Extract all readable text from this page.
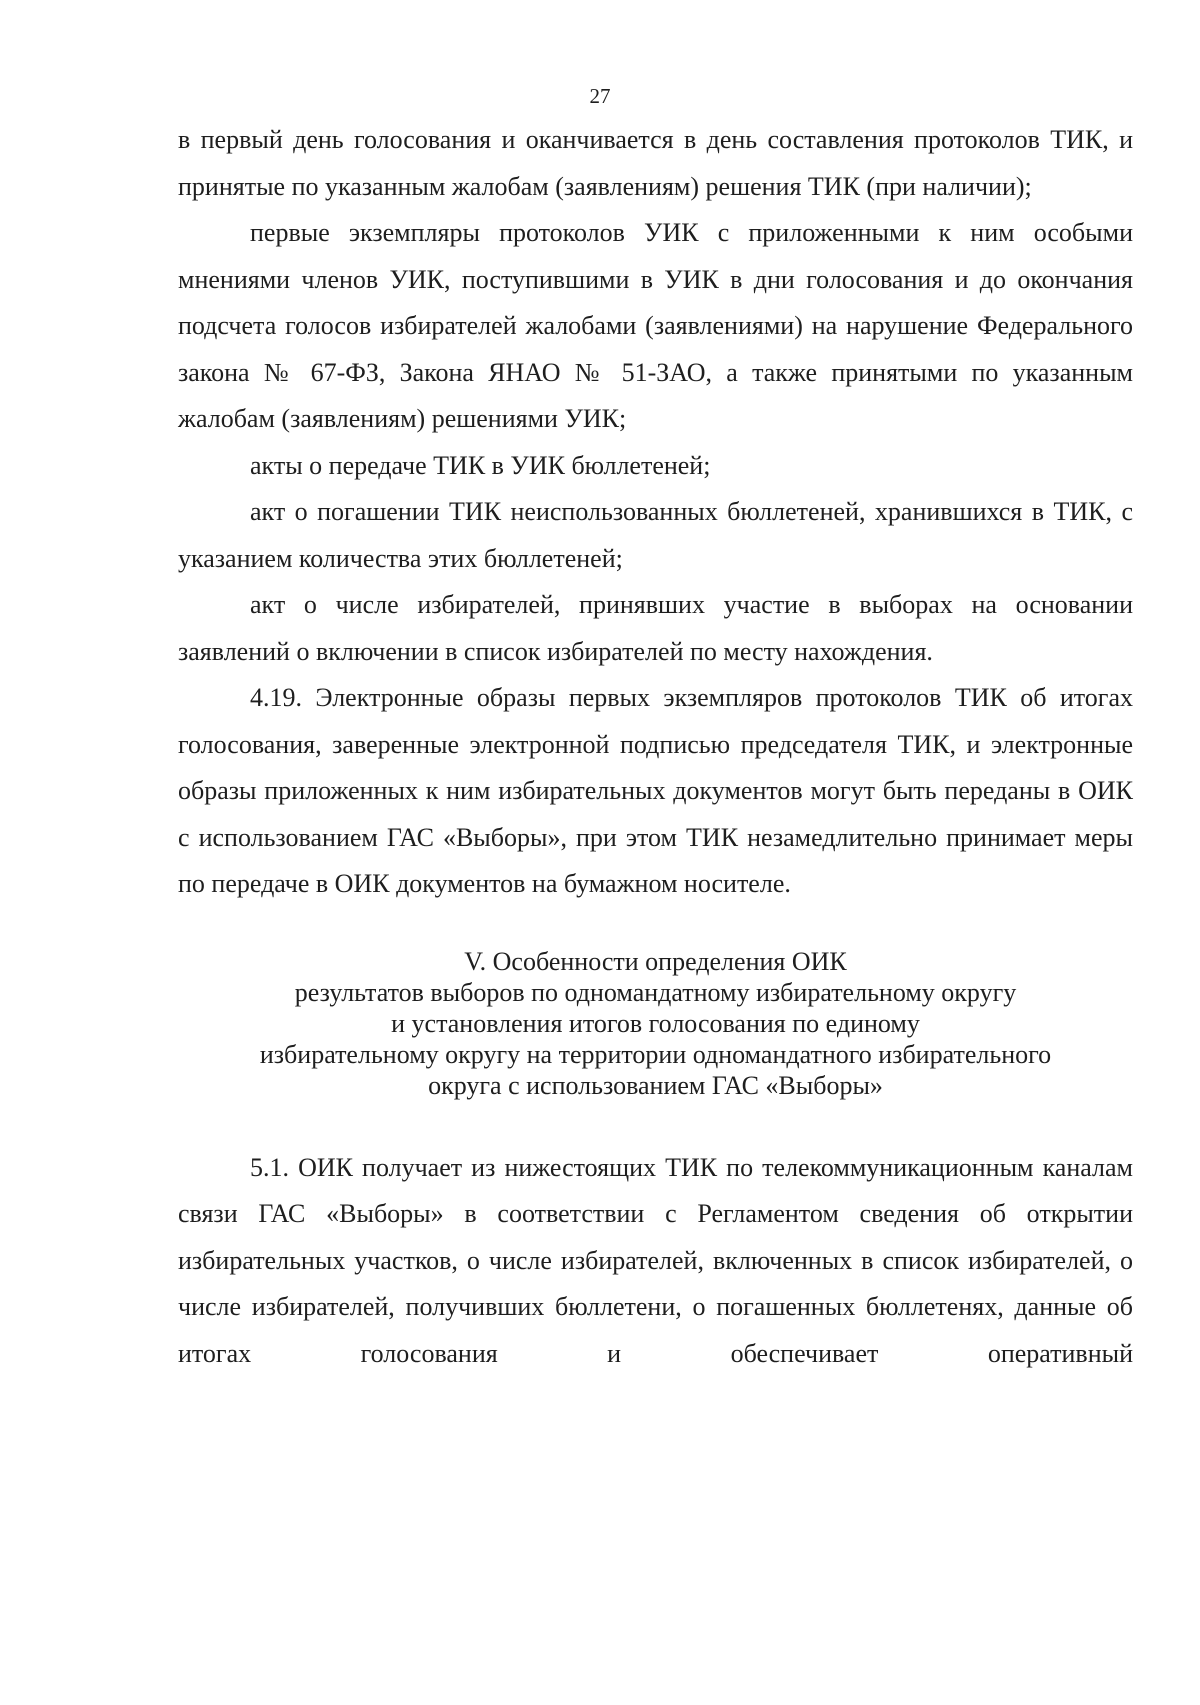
27

в первый день голосования и оканчивается в день составления протоколов ТИК, и принятые по указанным жалобам (заявлениям) решения ТИК (при наличии);

первые экземпляры протоколов УИК с приложенными к ним особыми мнениями членов УИК, поступившими в УИК в дни голосования и до окончания подсчета голосов избирателей жалобами (заявлениями) на нарушение Федерального закона № 67-ФЗ, Закона ЯНАО № 51-ЗАО, а также принятыми по указанным жалобам (заявлениям) решениями УИК;

акты о передаче ТИК в УИК бюллетеней;

акт о погашении ТИК неиспользованных бюллетеней, хранившихся в ТИК, с указанием количества этих бюллетеней;

акт о числе избирателей, принявших участие в выборах на основании заявлений о включении в список избирателей по месту нахождения.

4.19. Электронные образы первых экземпляров протоколов ТИК об итогах голосования, заверенные электронной подписью председателя ТИК, и электронные образы приложенных к ним избирательных документов могут быть переданы в ОИК с использованием ГАС «Выборы», при этом ТИК незамедлительно принимает меры по передаче в ОИК документов на бумажном носителе.

V. Особенности определения ОИК
результатов выборов по одномандатному избирательному округу
и установления итогов голосования по единому
избирательному округу на территории одномандатного избирательного
округа с использованием ГАС «Выборы»

5.1. ОИК получает из нижестоящих ТИК по телекоммуникационным каналам связи ГАС «Выборы» в соответствии с Регламентом сведения об открытии избирательных участков, о числе избирателей, включенных в список избирателей, о числе избирателей, получивших бюллетени, о погашенных бюллетенях, данные об итогах голосования и обеспечивает оперативный
